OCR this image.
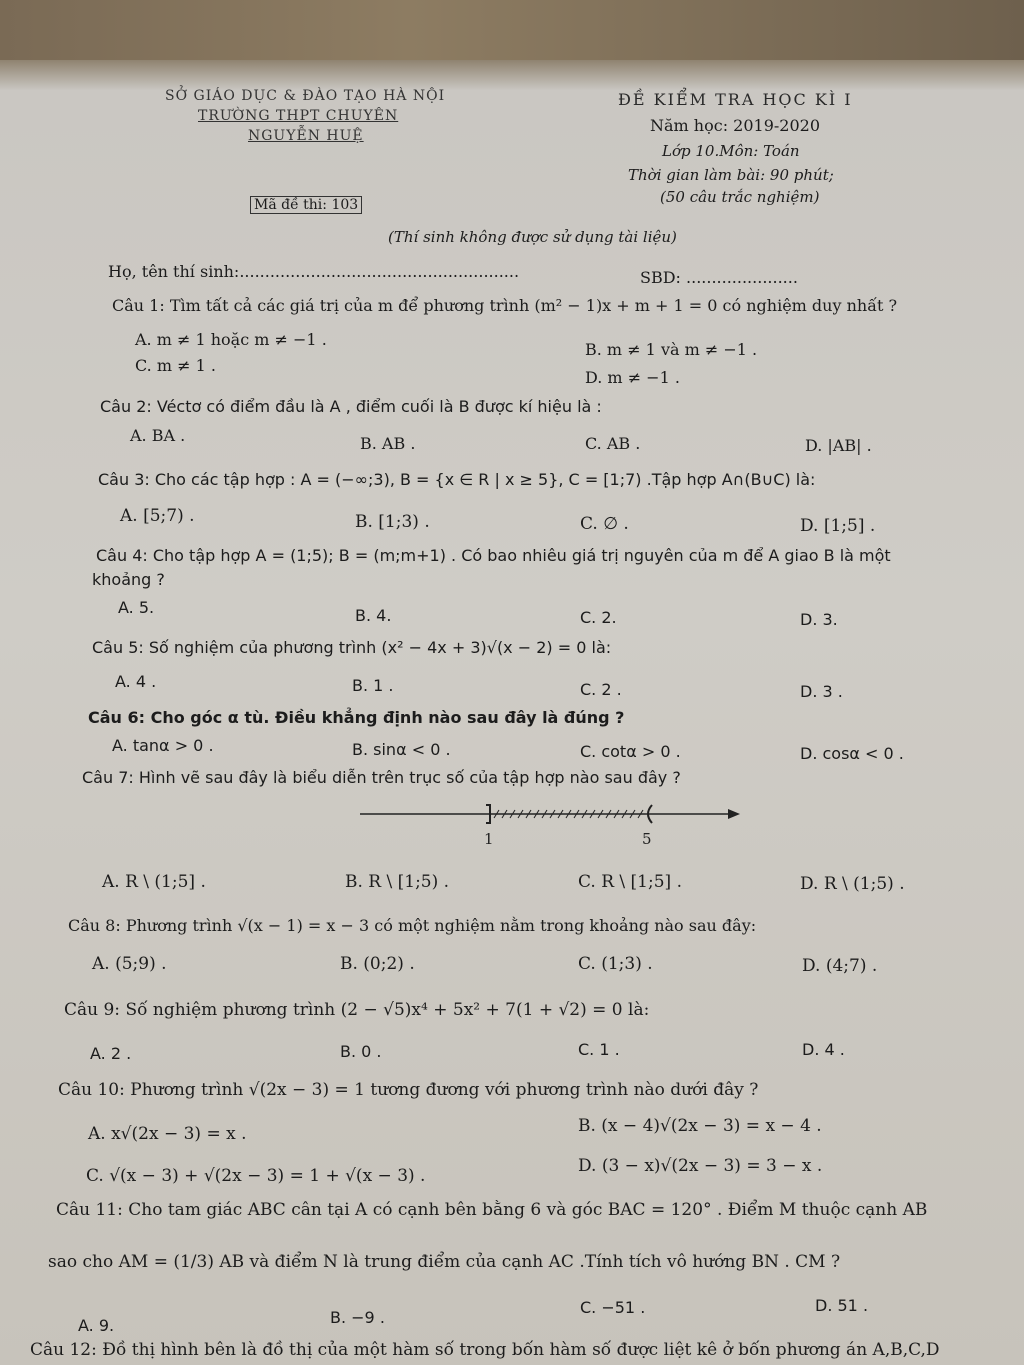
SỞ GIÁO DỤC & ĐÀO TẠO HÀ NỘI
TRƯỜNG THPT CHUYÊN
NGUYỄN HUỆ
ĐỀ KIỂM TRA HỌC KÌ I
Năm học: 2019-2020
Lớp 10.Môn: Toán
Thời gian làm bài: 90 phút;
(50 câu trắc nghiệm)
Mã đề thi: 103
(Thí sinh không được sử dụng tài liệu)
Họ, tên thí sinh:.......................................................	SBD: ......................
Câu 1: Tìm tất cả các giá trị của m để phương trình (m² − 1)x + m + 1 = 0 có nghiệm duy nhất ?
A. m ≠ 1 hoặc m ≠ −1 .
B. m ≠ 1 và m ≠ −1 .
C. m ≠ 1 .
D. m ≠ −1 .
Câu 2: Véctơ có điểm đầu là A , điểm cuối là B được kí hiệu là :
A. BA .	B. AB .	C. AB .	D. |AB| .
Câu 3: Cho các tập hợp : A = (−∞;3), B = {x ∈ R | x ≥ 5}, C = [1;7) .Tập hợp A∩(B∪C) là:
A. [5;7) .	B. [1;3) .	C. ∅ .	D. [1;5] .
Câu 4: Cho tập hợp A = (1;5); B = (m;m+1) . Có bao nhiêu giá trị nguyên của m để A giao B là một
khoảng ?
A. 5.	B. 4.	C. 2.	D. 3.
Câu 5: Số nghiệm của phương trình (x² − 4x + 3)√(x − 2) = 0 là:
A. 4 .	B. 1 .	C. 2 .	D. 3 .
Câu 6: Cho góc α tù. Điều khẳng định nào sau đây là đúng ?
A. tanα > 0 .	B. sinα < 0 .	C. cotα > 0 .	D. cosα < 0 .
Câu 7: Hình vẽ sau đây là biểu diễn trên trục số của tập hợp nào sau đây ?
1	5
A. R \ (1;5] .	B. R \ [1;5) .	C. R \ [1;5] .	D. R \ (1;5) .
Câu 8: Phương trình √(x − 1) = x − 3 có một nghiệm nằm trong khoảng nào sau đây:
A. (5;9) .	B. (0;2) .	C. (1;3) .	D. (4;7) .
Câu 9: Số nghiệm phương trình (2 − √5)x⁴ + 5x² + 7(1 + √2) = 0 là:
A. 2 .	B. 0 .	C. 1 .	D. 4 .
Câu 10: Phương trình √(2x − 3) = 1 tương đương với phương trình nào dưới đây ?
A. x√(2x − 3) = x .	B. (x − 4)√(2x − 3) = x − 4 .
C. √(x − 3) + √(2x − 3) = 1 + √(x − 3) .	D. (3 − x)√(2x − 3) = 3 − x .
Câu 11: Cho tam giác ABC cân tại A có cạnh bên bằng 6 và góc BAC = 120° . Điểm M thuộc cạnh AB
sao cho AM = (1/3) AB và điểm N là trung điểm của cạnh AC .Tính tích vô hướng BN . CM ?
A. 9.	B. −9 .
C. −51 .	D. 51 .
Câu 12: Đồ thị hình bên là đồ thị của một hàm số trong bốn hàm số được liệt kê ở bốn phương án A,B,C,D
